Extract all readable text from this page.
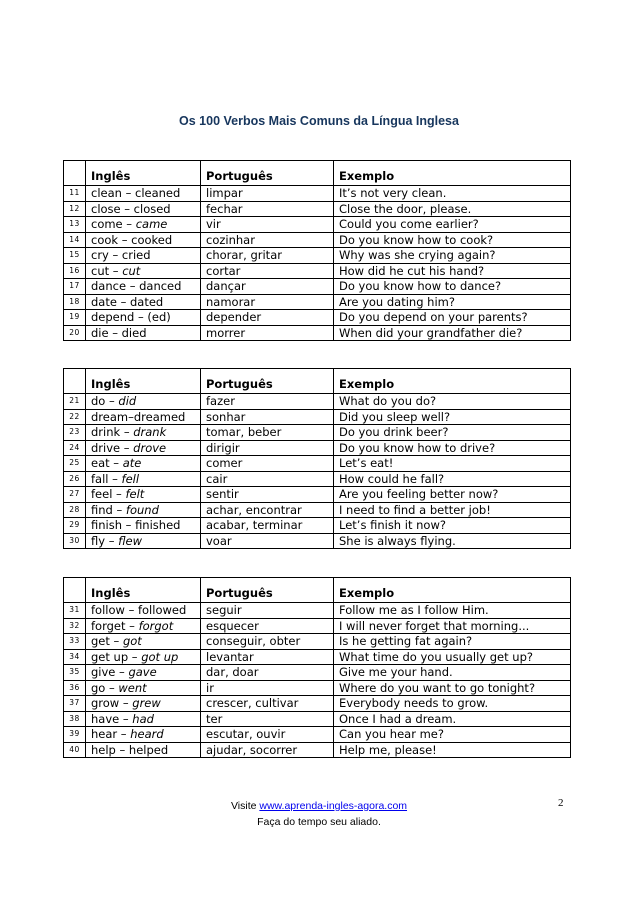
Os 100 Verbos Mais Comuns da Língua Inglesa
	Inglês	Português	Exemplo
11	clean – cleaned	limpar	It’s not very clean.
12	close – closed	fechar	Close the door, please.
13	come – came	vir	Could you come earlier?
14	cook – cooked	cozinhar	Do you know how to cook?
15	cry – cried	chorar, gritar	Why was she crying again?
16	cut – cut	cortar	How did he cut his hand?
17	dance – danced	dançar	Do you know how to dance?
18	date – dated	namorar	Are you dating him?
19	depend – (ed)	depender	Do you depend on your parents?
20	die – died	morrer	When did your grandfather die?
	Inglês	Português	Exemplo
21	do – did	fazer	What do you do?
22	dream–dreamed	sonhar	Did you sleep well?
23	drink – drank	tomar, beber	Do you drink beer?
24	drive – drove	dirigir	Do you know how to drive?
25	eat – ate	comer	Let’s eat!
26	fall – fell	cair	How could he fall?
27	feel – felt	sentir	Are you feeling better now?
28	find – found	achar, encontrar	I need to find a better job!
29	finish – finished	acabar, terminar	Let’s finish it now?
30	fly – flew	voar	She is always flying.
	Inglês	Português	Exemplo
31	follow – followed	seguir	Follow me as I follow Him.
32	forget – forgot	esquecer	I will never forget that morning...
33	get – got	conseguir, obter	Is he getting fat again?
34	get up – got up	levantar	What time do you usually get up?
35	give – gave	dar, doar	Give me your hand.
36	go – went	ir	Where do you want to go tonight?
37	grow – grew	crescer, cultivar	Everybody needs to grow.
38	have – had	ter	Once I had a dream.
39	hear – heard	escutar, ouvir	Can you hear me?
40	help – helped	ajudar, socorrer	Help me, please!
Visite www.aprenda-ingles-agora.com
Faça do tempo seu aliado.
2
